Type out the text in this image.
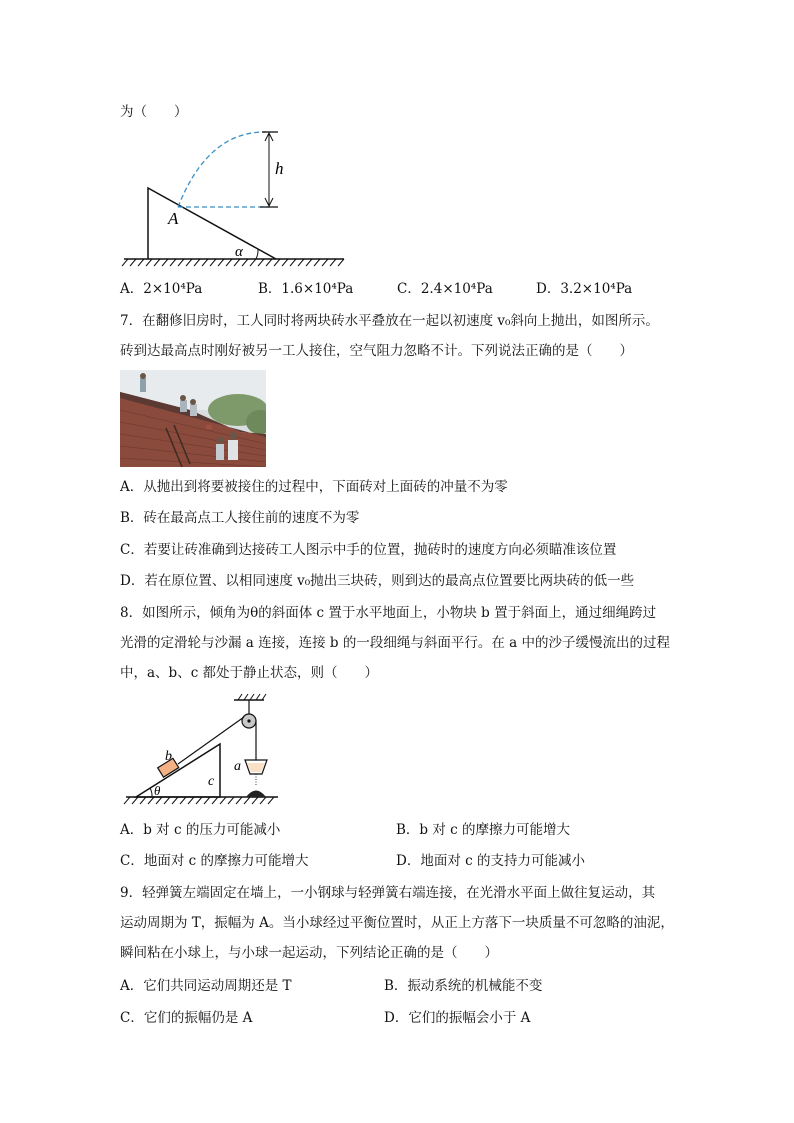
为（　　）
h
A
α
A．2×10⁴Pa	B．1.6×10⁴Pa	C．2.4×10⁴Pa	D．3.2×10⁴Pa
7．在翻修旧房时，工人同时将两块砖水平叠放在一起以初速度 v₀斜向上抛出，如图所示。
砖到达最高点时刚好被另一工人接住，空气阻力忽略不计。下列说法正确的是（　　）
A．从抛出到将要被接住的过程中，下面砖对上面砖的冲量不为零
B．砖在最高点工人接住前的速度不为零
C．若要让砖准确到达接砖工人图示中手的位置，抛砖时的速度方向必须瞄准该位置
D．若在原位置、以相同速度 v₀抛出三块砖，则到达的最高点位置要比两块砖的低一些
8．如图所示，倾角为θ的斜面体 c 置于水平地面上，小物块 b 置于斜面上，通过细绳跨过
光滑的定滑轮与沙漏 a 连接，连接 b 的一段细绳与斜面平行。在 a 中的沙子缓慢流出的过程
中，a、b、c 都处于静止状态，则（　　）
b
c
a
θ
A．b 对 c 的压力可能减小	B．b 对 c 的摩擦力可能增大
C．地面对 c 的摩擦力可能增大	D．地面对 c 的支持力可能减小
9．轻弹簧左端固定在墙上，一小钢球与轻弹簧右端连接，在光滑水平面上做往复运动，其
运动周期为 T，振幅为 A。当小球经过平衡位置时，从正上方落下一块质量不可忽略的油泥，
瞬间粘在小球上，与小球一起运动，下列结论正确的是（　　）
A．它们共同运动周期还是 T	B．振动系统的机械能不变
C．它们的振幅仍是 A	D．它们的振幅会小于 A
